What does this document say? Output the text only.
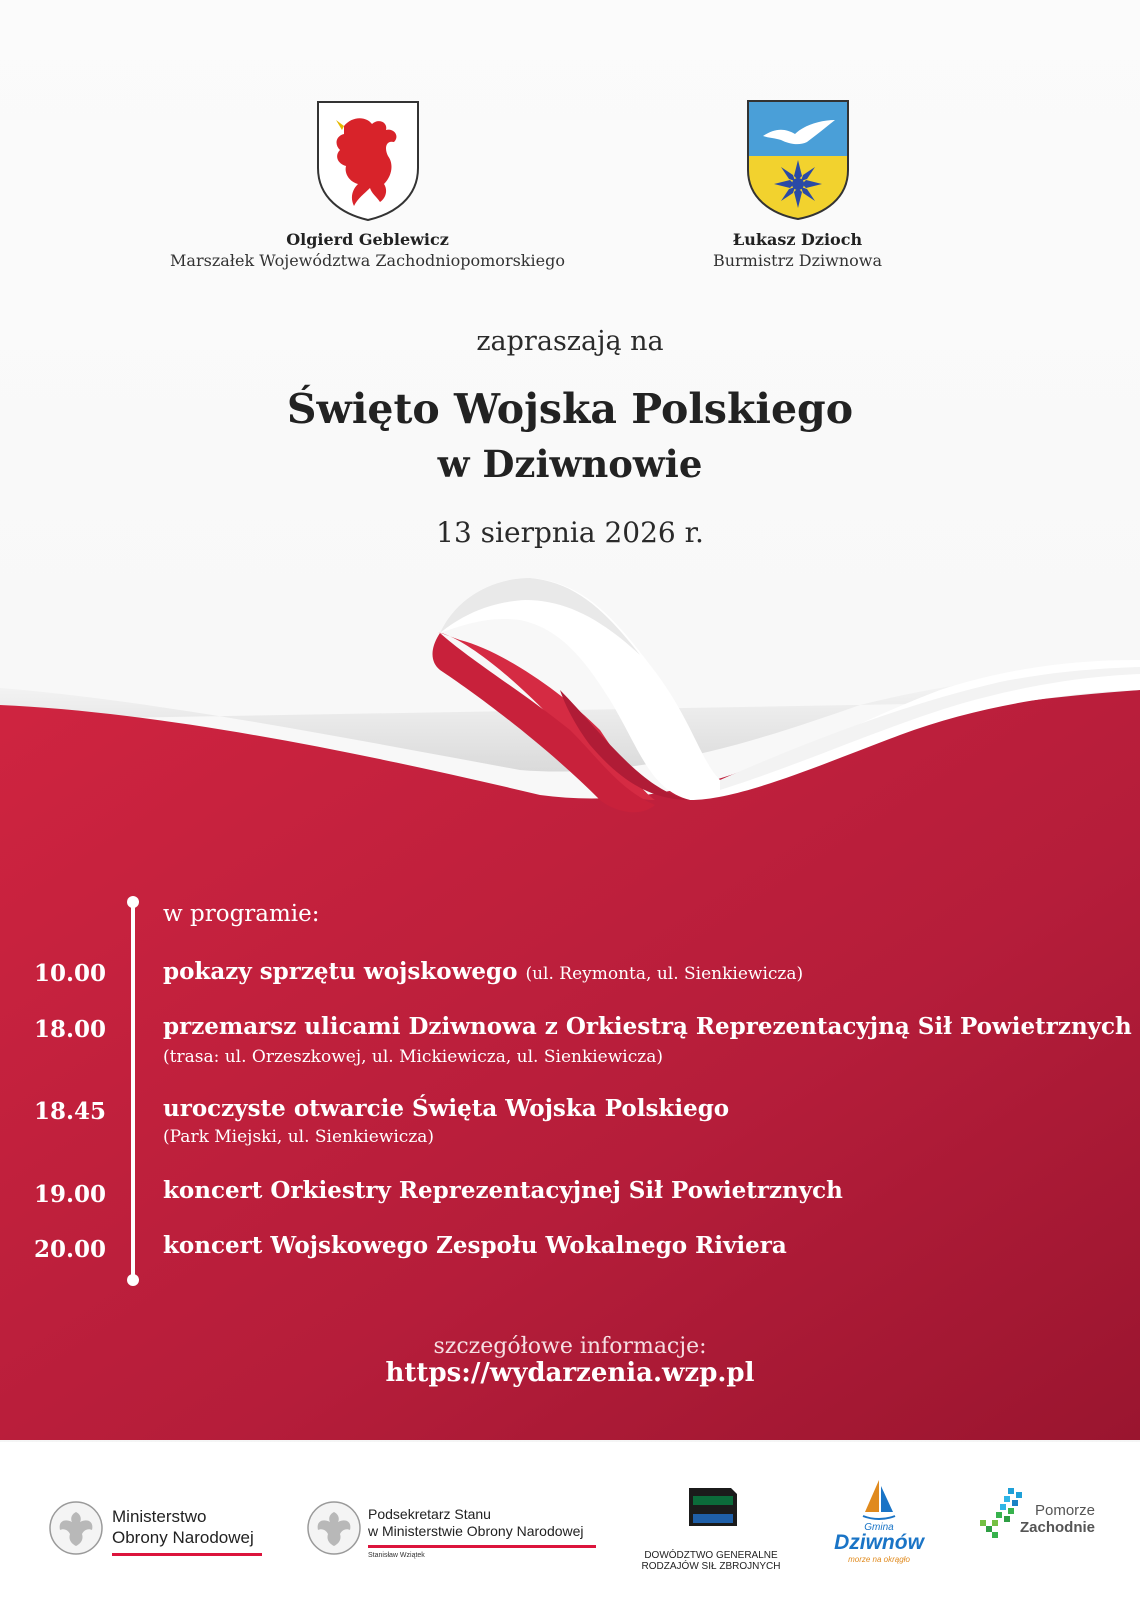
Olgierd Geblewicz
Marszałek Województwa Zachodniopomorskiego
Łukasz Dzioch
Burmistrz Dziwnowa
zapraszają na
Święto Wojska Polskiego
w Dziwnowie
13 sierpnia 2026 r.
w programie:
10.00 pokazy sprzętu wojskowego (ul. Reymonta, ul. Sienkiewicza)
18.00 przemarsz ulicami Dziwnowa z Orkiestrą Reprezentacyjną Sił Powietrznych
(trasa: ul. Orzeszkowej, ul. Mickiewicza, ul. Sienkiewicza)
18.45 uroczyste otwarcie Święta Wojska Polskiego
(Park Miejski, ul. Sienkiewicza)
19.00 koncert Orkiestry Reprezentacyjnej Sił Powietrznych
20.00 koncert Wojskowego Zespołu Wokalnego Riviera
szczegółowe informacje:
https://wydarzenia.wzp.pl
Ministerstwo
Obrony Narodowej
Podsekretarz Stanu
w Ministerstwie Obrony Narodowej
Stanisław Wziątek	DOWÓDZTWO GENERALNE
RODZAJÓW SIŁ ZBROJNYCH
Gmina
Dziwnów
morze na okrągło
Pomorze
Zachodnie
